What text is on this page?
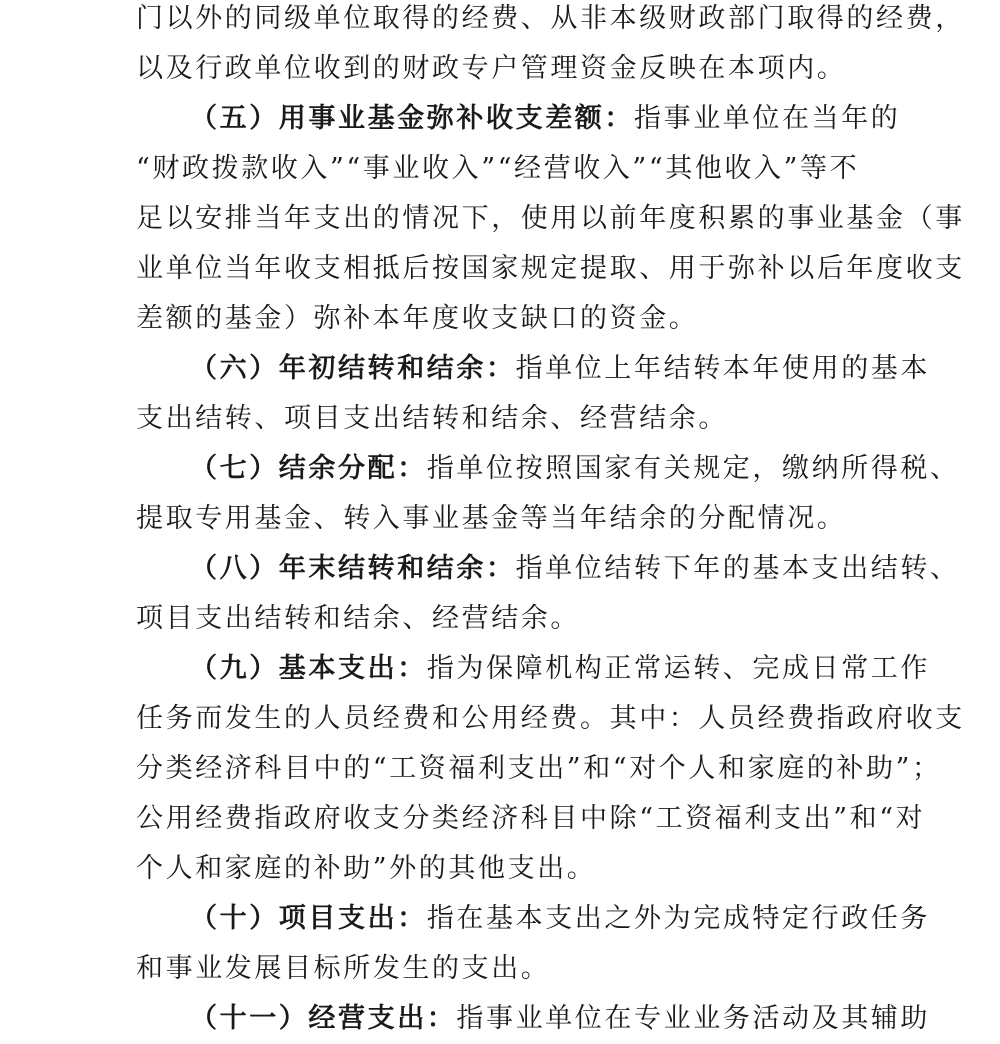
门以外的同级单位取得的经费、从非本级财政部门取得的经费，
以及行政单位收到的财政专户管理资金反映在本项内。
（五）用事业基金弥补收支差额：指事业单位在当年的
“财政拨款收入”“事业收入”“经营收入”“其他收入”等不
足以安排当年支出的情况下，使用以前年度积累的事业基金（事
业单位当年收支相抵后按国家规定提取、用于弥补以后年度收支
差额的基金）弥补本年度收支缺口的资金。
（六）年初结转和结余：指单位上年结转本年使用的基本
支出结转、项目支出结转和结余、经营结余。
（七）结余分配：指单位按照国家有关规定，缴纳所得税、
提取专用基金、转入事业基金等当年结余的分配情况。
（八）年末结转和结余：指单位结转下年的基本支出结转、
项目支出结转和结余、经营结余。
（九）基本支出：指为保障机构正常运转、完成日常工作
任务而发生的人员经费和公用经费。其中：人员经费指政府收支
分类经济科目中的“工资福利支出”和“对个人和家庭的补助”；
公用经费指政府收支分类经济科目中除“工资福利支出”和“对
个人和家庭的补助”外的其他支出。
（十）项目支出：指在基本支出之外为完成特定行政任务
和事业发展目标所发生的支出。
（十一）经营支出：指事业单位在专业业务活动及其辅助
